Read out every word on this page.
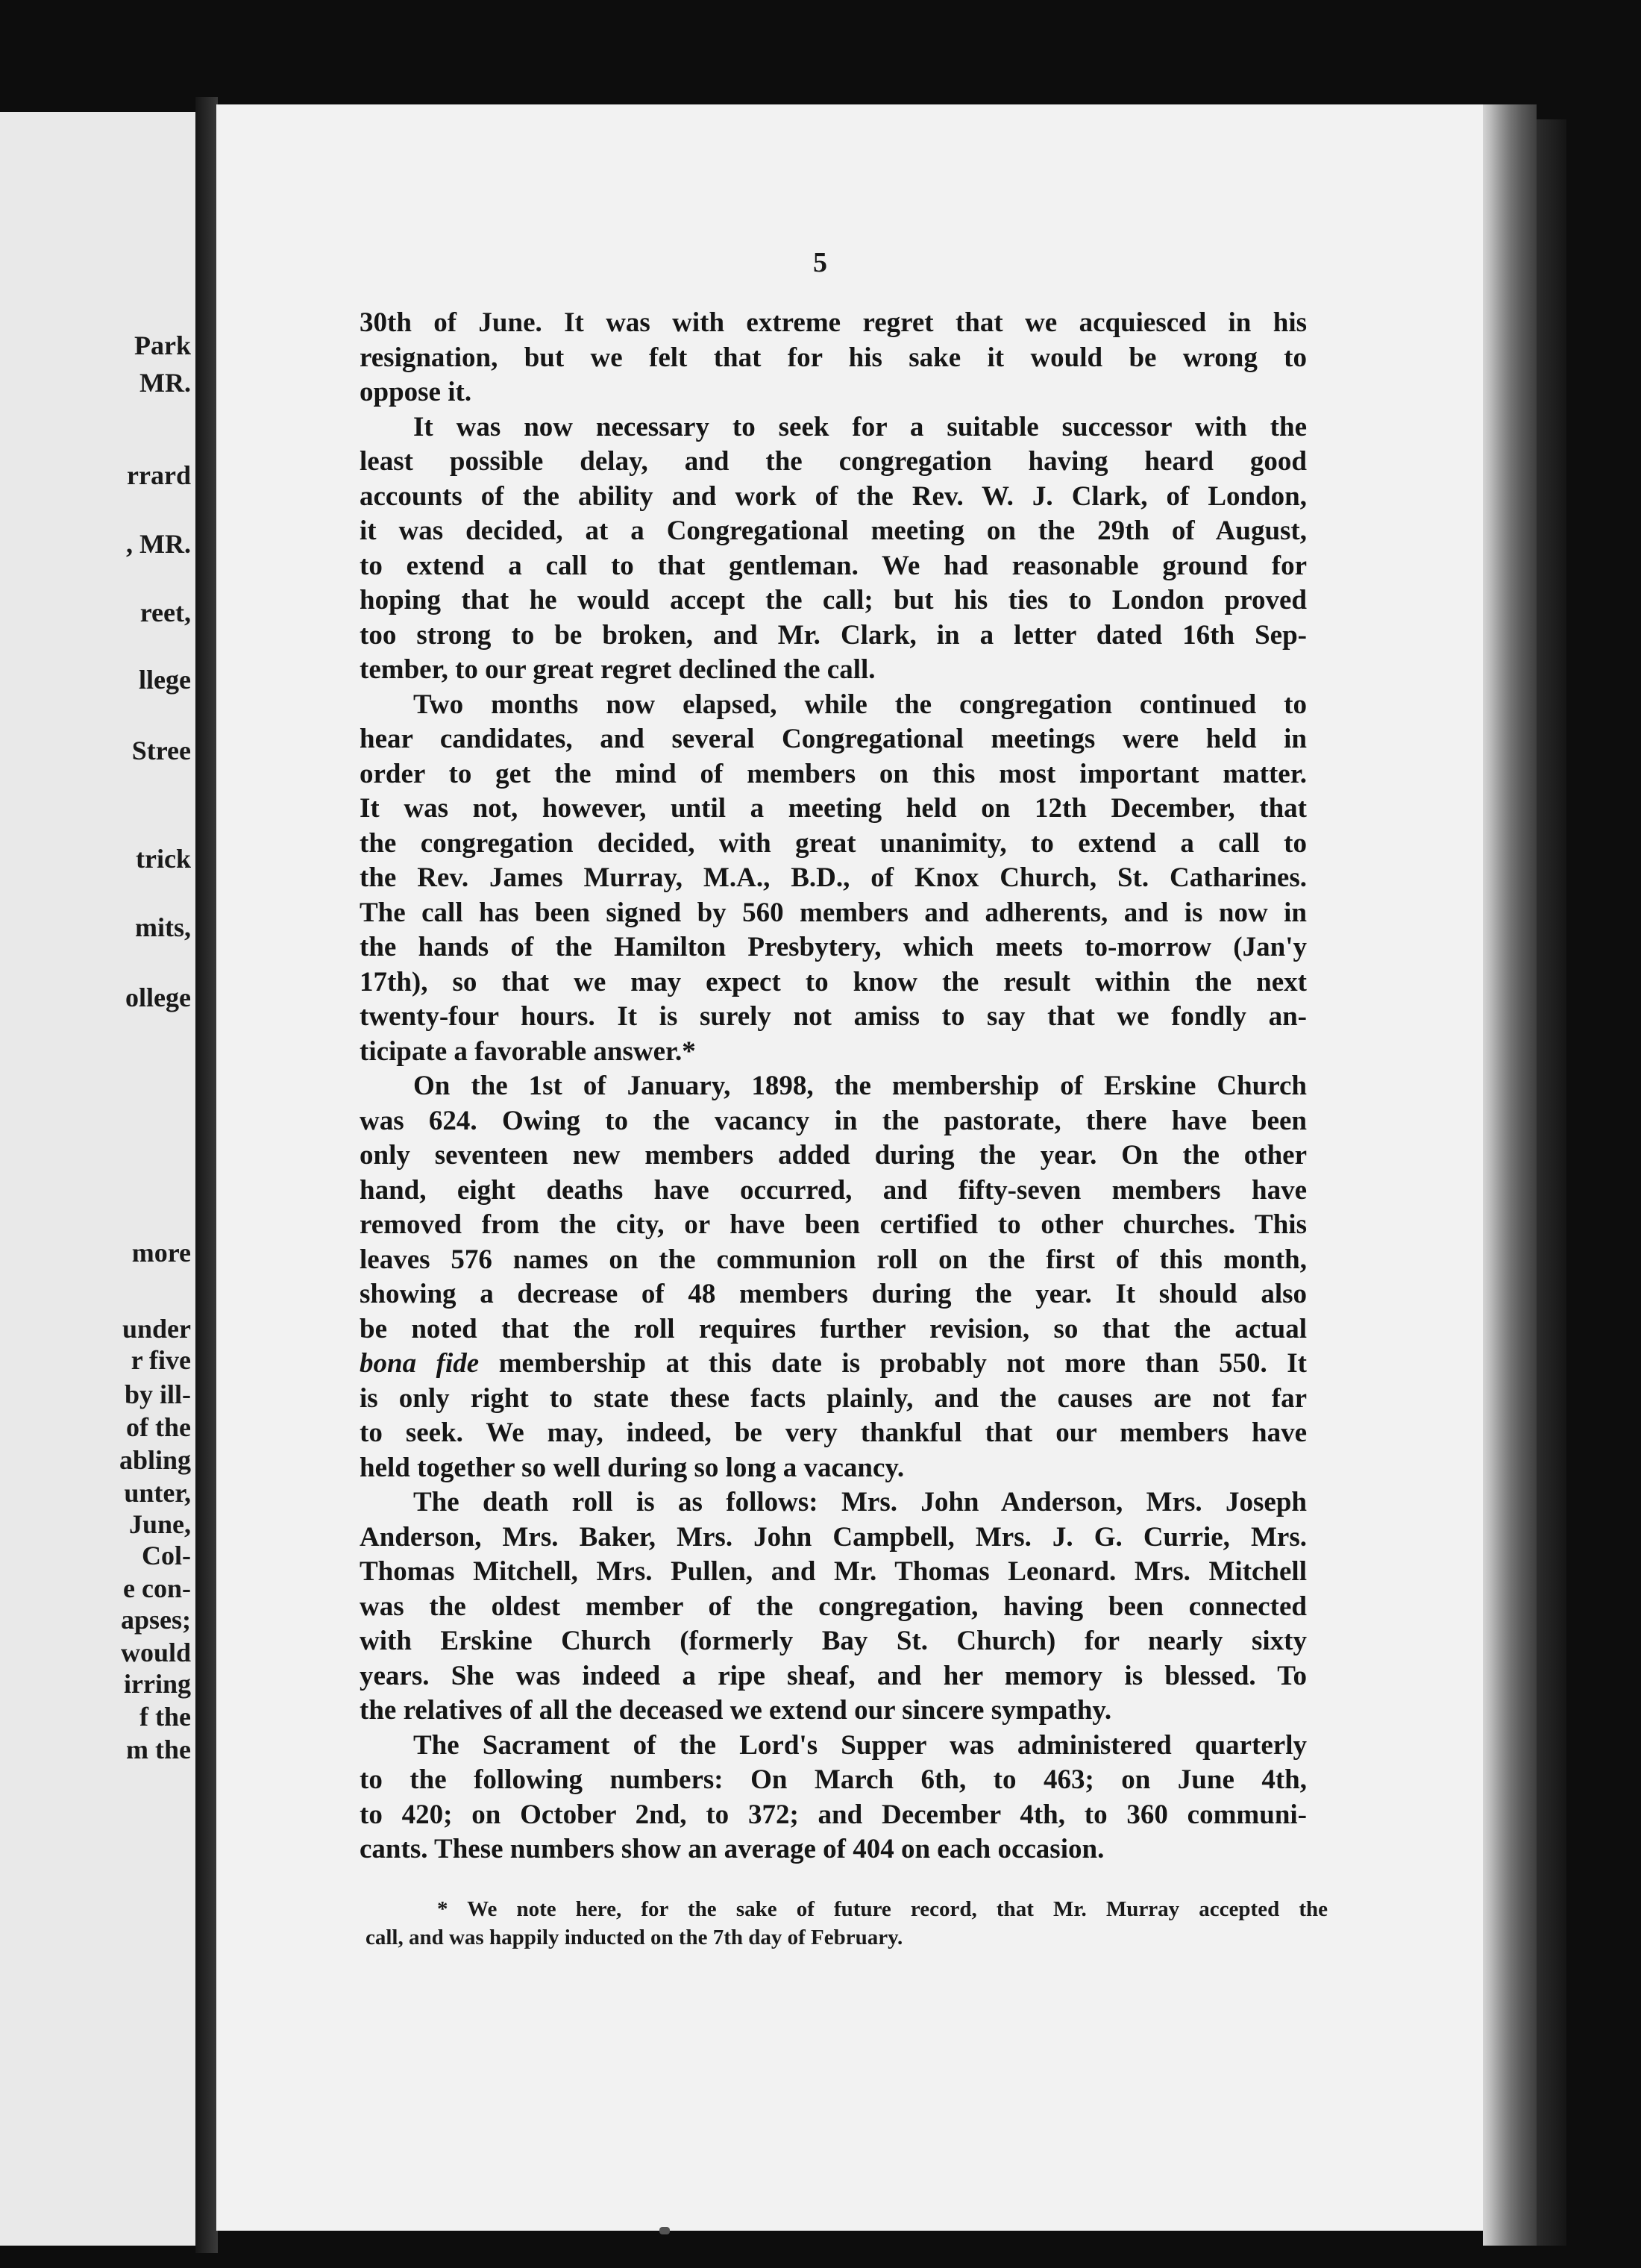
Park
MR.
rrard
, MR.
reet,
llege
Stree
trick
mits,
ollege
more
under
r five
by ill-
of the
abling
unter,
June,
Col-
e con-
apses;
would
irring
f the
m the
5

30th of June. It was with extreme regret that we acquiesced in his

resignation, but we felt that for his sake it would be wrong to

oppose it.

It was now necessary to seek for a suitable successor with the

least possible delay, and the congregation having heard good

accounts of the ability and work of the Rev. W. J. Clark, of London,

it was decided, at a Congregational meeting on the 29th of August,

to extend a call to that gentleman. We had reasonable ground for

hoping that he would accept the call; but his ties to London proved

too strong to be broken, and Mr. Clark, in a letter dated 16th Sep-

tember, to our great regret declined the call.

Two months now elapsed, while the congregation continued to

hear candidates, and several Congregational meetings were held in

order to get the mind of members on this most important matter.

It was not, however, until a meeting held on 12th December, that

the congregation decided, with great unanimity, to extend a call to

the Rev. James Murray, M.A., B.D., of Knox Church, St. Catharines.

The call has been signed by 560 members and adherents, and is now in

the hands of the Hamilton Presbytery, which meets to-morrow (Jan'y

17th), so that we may expect to know the result within the next

twenty-four hours. It is surely not amiss to say that we fondly an-

ticipate a favorable answer.*

On the 1st of January, 1898, the membership of Erskine Church

was 624. Owing to the vacancy in the pastorate, there have been

only seventeen new members added during the year. On the other

hand, eight deaths have occurred, and fifty-seven members have

removed from the city, or have been certified to other churches. This

leaves 576 names on the communion roll on the first of this month,

showing a decrease of 48 members during the year. It should also

be noted that the roll requires further revision, so that the actual

bona fide membership at this date is probably not more than 550. It

is only right to state these facts plainly, and the causes are not far

to seek. We may, indeed, be very thankful that our members have

held together so well during so long a vacancy.

The death roll is as follows: Mrs. John Anderson, Mrs. Joseph

Anderson, Mrs. Baker, Mrs. John Campbell, Mrs. J. G. Currie, Mrs.

Thomas Mitchell, Mrs. Pullen, and Mr. Thomas Leonard. Mrs. Mitchell

was the oldest member of the congregation, having been connected

with Erskine Church (formerly Bay St. Church) for nearly sixty

years. She was indeed a ripe sheaf, and her memory is blessed. To

the relatives of all the deceased we extend our sincere sympathy.

The Sacrament of the Lord's Supper was administered quarterly

to the following numbers: On March 6th, to 463; on June 4th,

to 420; on October 2nd, to 372; and December 4th, to 360 communi-

cants. These numbers show an average of 404 on each occasion.

* We note here, for the sake of future record, that Mr. Murray accepted the

call, and was happily inducted on the 7th day of February.
